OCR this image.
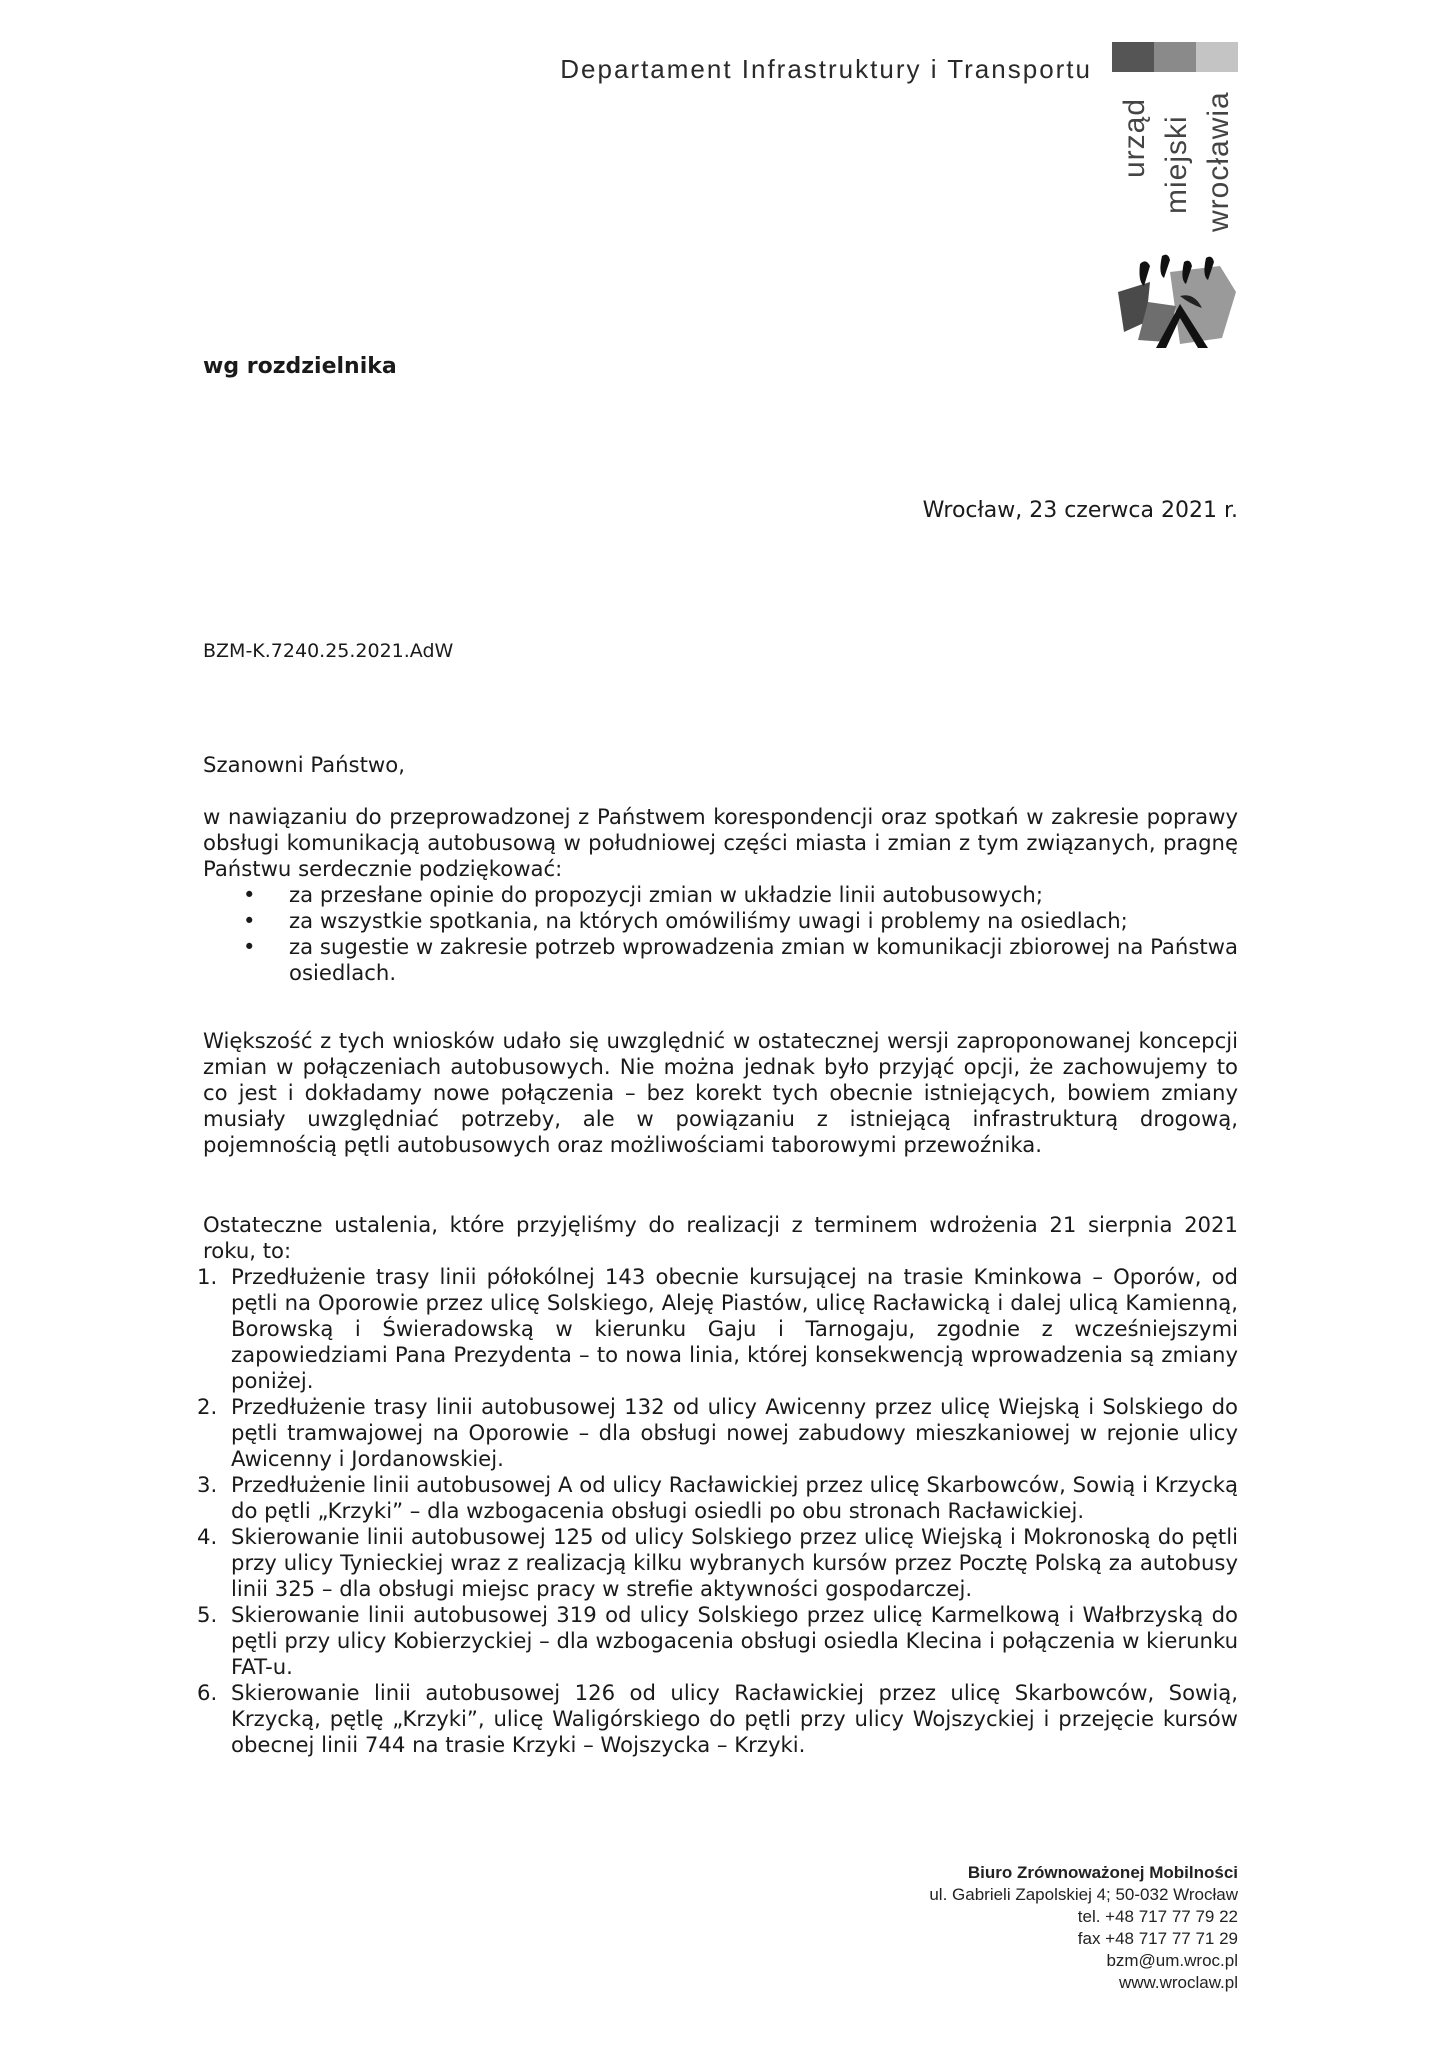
Departament Infrastruktury i Transportu
urząd miejski wrocławia
wg rozdzielnika
Wrocław, 23 czerwca 2021 r.
BZM-K.7240.25.2021.AdW
Szanowni Państwo,
w nawiązaniu do przeprowadzonej z Państwem korespondencji oraz spotkań w zakresie poprawy obsługi komunikacją autobusową w południowej części miasta i zmian z tym związanych, pragnę Państwu serdecznie podziękować:
• za przesłane opinie do propozycji zmian w układzie linii autobusowych;
• za wszystkie spotkania, na których omówiliśmy uwagi i problemy na osiedlach;
• za sugestie w zakresie potrzeb wprowadzenia zmian w komunikacji zbiorowej na Państwa osiedlach.
Większość z tych wniosków udało się uwzględnić w ostatecznej wersji zaproponowanej koncepcji zmian w połączeniach autobusowych. Nie można jednak było przyjąć opcji, że zachowujemy to co jest i dokładamy nowe połączenia – bez korekt tych obecnie istniejących, bowiem zmiany musiały uwzględniać potrzeby, ale w powiązaniu z istniejącą infrastrukturą drogową, pojemnością pętli autobusowych oraz możliwościami taborowymi przewoźnika.
Ostateczne ustalenia, które przyjęliśmy do realizacji z terminem wdrożenia 21 sierpnia 2021 roku, to:
1. Przedłużenie trasy linii półokólnej 143 obecnie kursującej na trasie Kminkowa – Oporów, od pętli na Oporowie przez ulicę Solskiego, Aleję Piastów, ulicę Racławicką i dalej ulicą Kamienną, Borowską i Świeradowską w kierunku Gaju i Tarnogaju, zgodnie z wcześniejszymi zapowiedziami Pana Prezydenta – to nowa linia, której konsekwencją wprowadzenia są zmiany poniżej.
2. Przedłużenie trasy linii autobusowej 132 od ulicy Awicenny przez ulicę Wiejską i Solskiego do pętli tramwajowej na Oporowie – dla obsługi nowej zabudowy mieszkaniowej w rejonie ulicy Awicenny i Jordanowskiej.
3. Przedłużenie linii autobusowej A od ulicy Racławickiej przez ulicę Skarbowców, Sowią i Krzycką do pętli „Krzyki” – dla wzbogacenia obsługi osiedli po obu stronach Racławickiej.
4. Skierowanie linii autobusowej 125 od ulicy Solskiego przez ulicę Wiejską i Mokronoską do pętli przy ulicy Tynieckiej wraz z realizacją kilku wybranych kursów przez Pocztę Polską za autobusy linii 325 – dla obsługi miejsc pracy w strefie aktywności gospodarczej.
5. Skierowanie linii autobusowej 319 od ulicy Solskiego przez ulicę Karmelkową i Wałbrzyską do pętli przy ulicy Kobierzyckiej – dla wzbogacenia obsługi osiedla Klecina i połączenia w kierunku FAT-u.
6. Skierowanie linii autobusowej 126 od ulicy Racławickiej przez ulicę Skarbowców, Sowią, Krzycką, pętlę „Krzyki”, ulicę Waligórskiego do pętli przy ulicy Wojszyckiej i przejęcie kursów obecnej linii 744 na trasie Krzyki – Wojszycka – Krzyki.
Biuro Zrównoważonej Mobilności
ul. Gabrieli Zapolskiej 4; 50-032 Wrocław
tel. +48 717 77 79 22
fax +48 717 77 71 29
bzm@um.wroc.pl
www.wroclaw.pl
